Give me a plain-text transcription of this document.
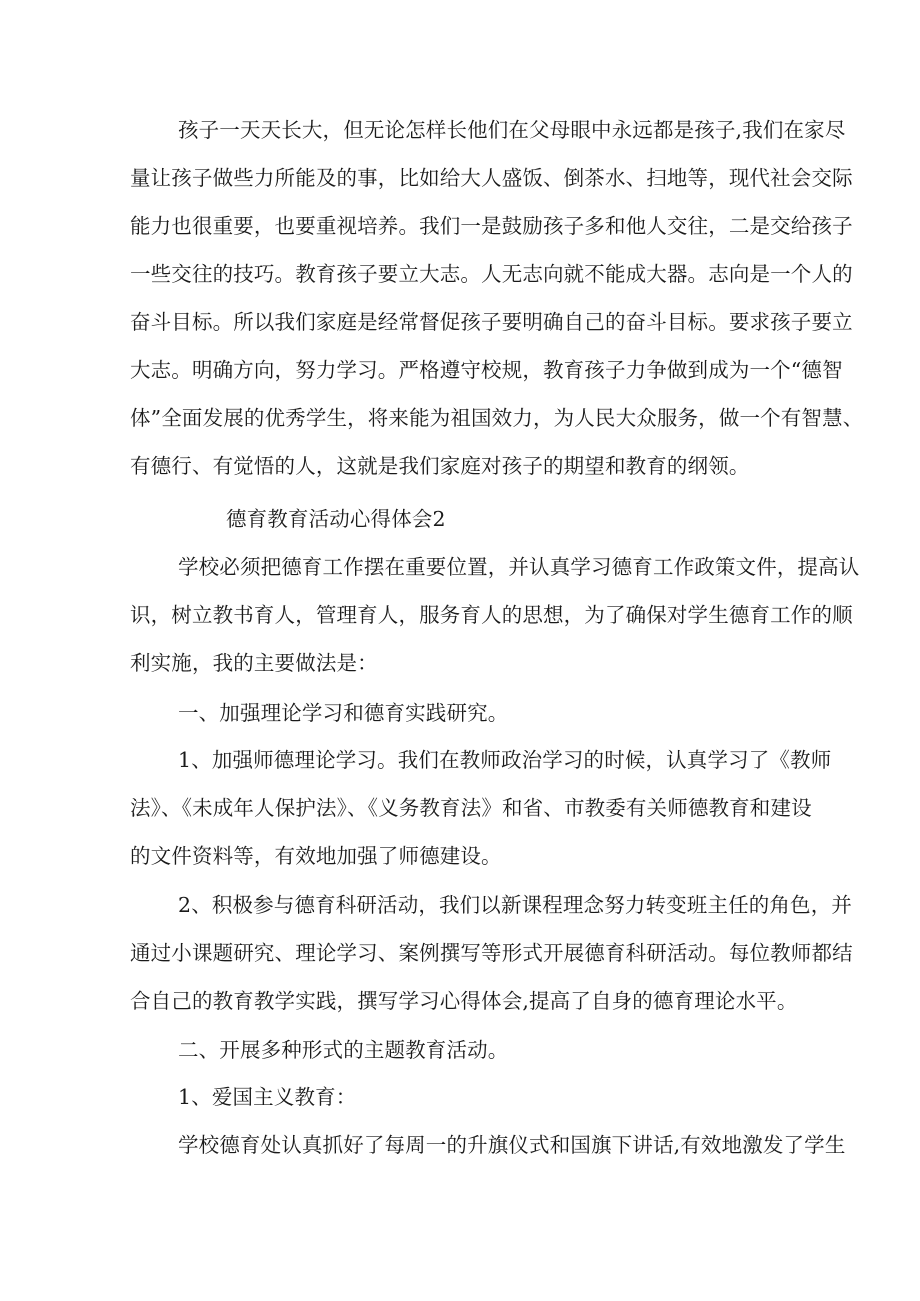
孩子一天天长大，但无论怎样长他们在父母眼中永远都是孩子,我们在家尽
量让孩子做些力所能及的事，比如给大人盛饭、倒茶水、扫地等，现代社会交际
能力也很重要，也要重视培养。我们一是鼓励孩子多和他人交往，二是交给孩子
一些交往的技巧。教育孩子要立大志。人无志向就不能成大器。志向是一个人的
奋斗目标。所以我们家庭是经常督促孩子要明确自己的奋斗目标。要求孩子要立
大志。明确方向，努力学习。严格遵守校规，教育孩子力争做到成为一个“德智
体”全面发展的优秀学生，将来能为祖国效力，为人民大众服务，做一个有智慧、
有德行、有觉悟的人，这就是我们家庭对孩子的期望和教育的纲领。
德育教育活动心得体会2
学校必须把德育工作摆在重要位置，并认真学习德育工作政策文件，提高认
识，树立教书育人，管理育人，服务育人的思想，为了确保对学生德育工作的顺
利实施，我的主要做法是：
一、加强理论学习和德育实践研究。
1、加强师德理论学习。我们在教师政治学习的时候，认真学习了《教师
法》、《未成年人保护法》、《义务教育法》和省、市教委有关师德教育和建设
的文件资料等，有效地加强了师德建设。
2、积极参与德育科研活动，我们以新课程理念努力转变班主任的角色，并
通过小课题研究、理论学习、案例撰写等形式开展德育科研活动。每位教师都结
合自己的教育教学实践，撰写学习心得体会,提高了自身的德育理论水平。
二、开展多种形式的主题教育活动。
1、爱国主义教育：
学校德育处认真抓好了每周一的升旗仪式和国旗下讲话,有效地激发了学生
